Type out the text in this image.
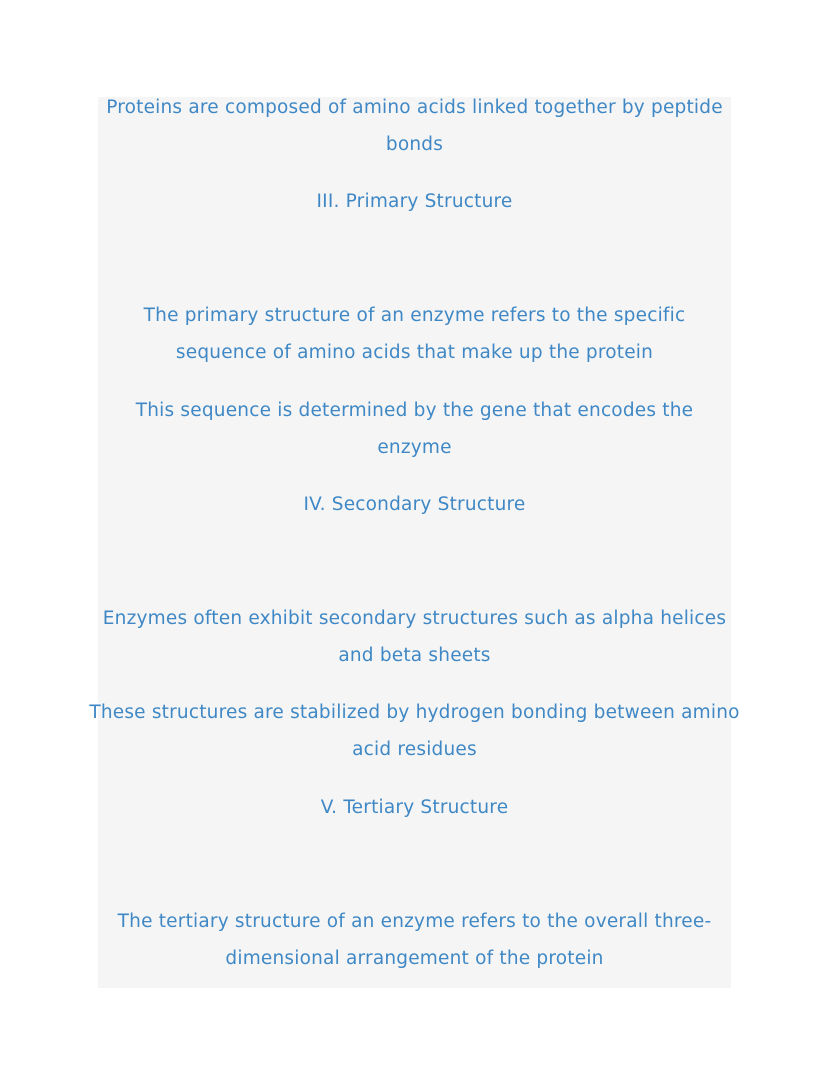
Proteins are composed of amino acids linked together by peptide bonds

III. Primary Structure

The primary structure of an enzyme refers to the specific sequence of amino acids that make up the protein

This sequence is determined by the gene that encodes the enzyme

IV. Secondary Structure

Enzymes often exhibit secondary structures such as alpha helices and beta sheets

These structures are stabilized by hydrogen bonding between amino acid residues

V. Tertiary Structure

The tertiary structure of an enzyme refers to the overall three-dimensional arrangement of the protein
